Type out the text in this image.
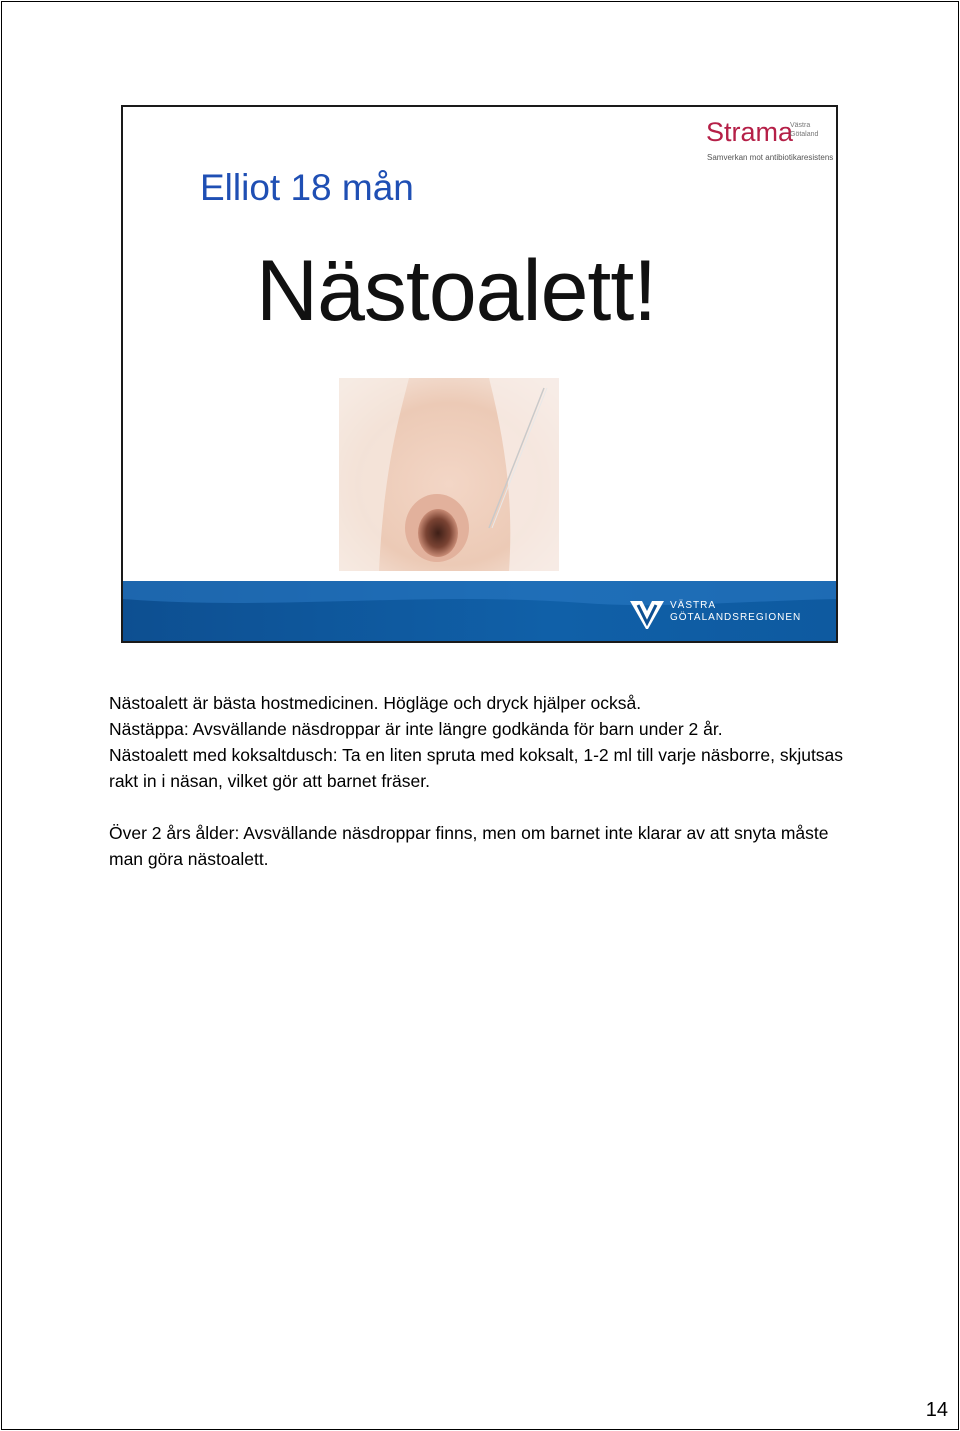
Strama
Västra Götaland
Samverkan mot antibiotikaresistens
Elliot 18 mån
Nästoalett!
VÄSTRA
GÖTALANDSREGIONEN

Nästoalett är bästa hostmedicinen. Högläge och dryck hjälper också.

Nästäppa: Avsvällande näsdroppar är inte längre godkända för barn under 2 år.

Nästoalett med koksaltdusch: Ta en liten spruta med koksalt, 1-2 ml till varje näsborre, skjutsas rakt in i näsan, vilket gör att barnet fräser.

Över 2 års ålder: Avsvällande näsdroppar finns, men om barnet inte klarar av att snyta måste man göra nästoalett.

14
